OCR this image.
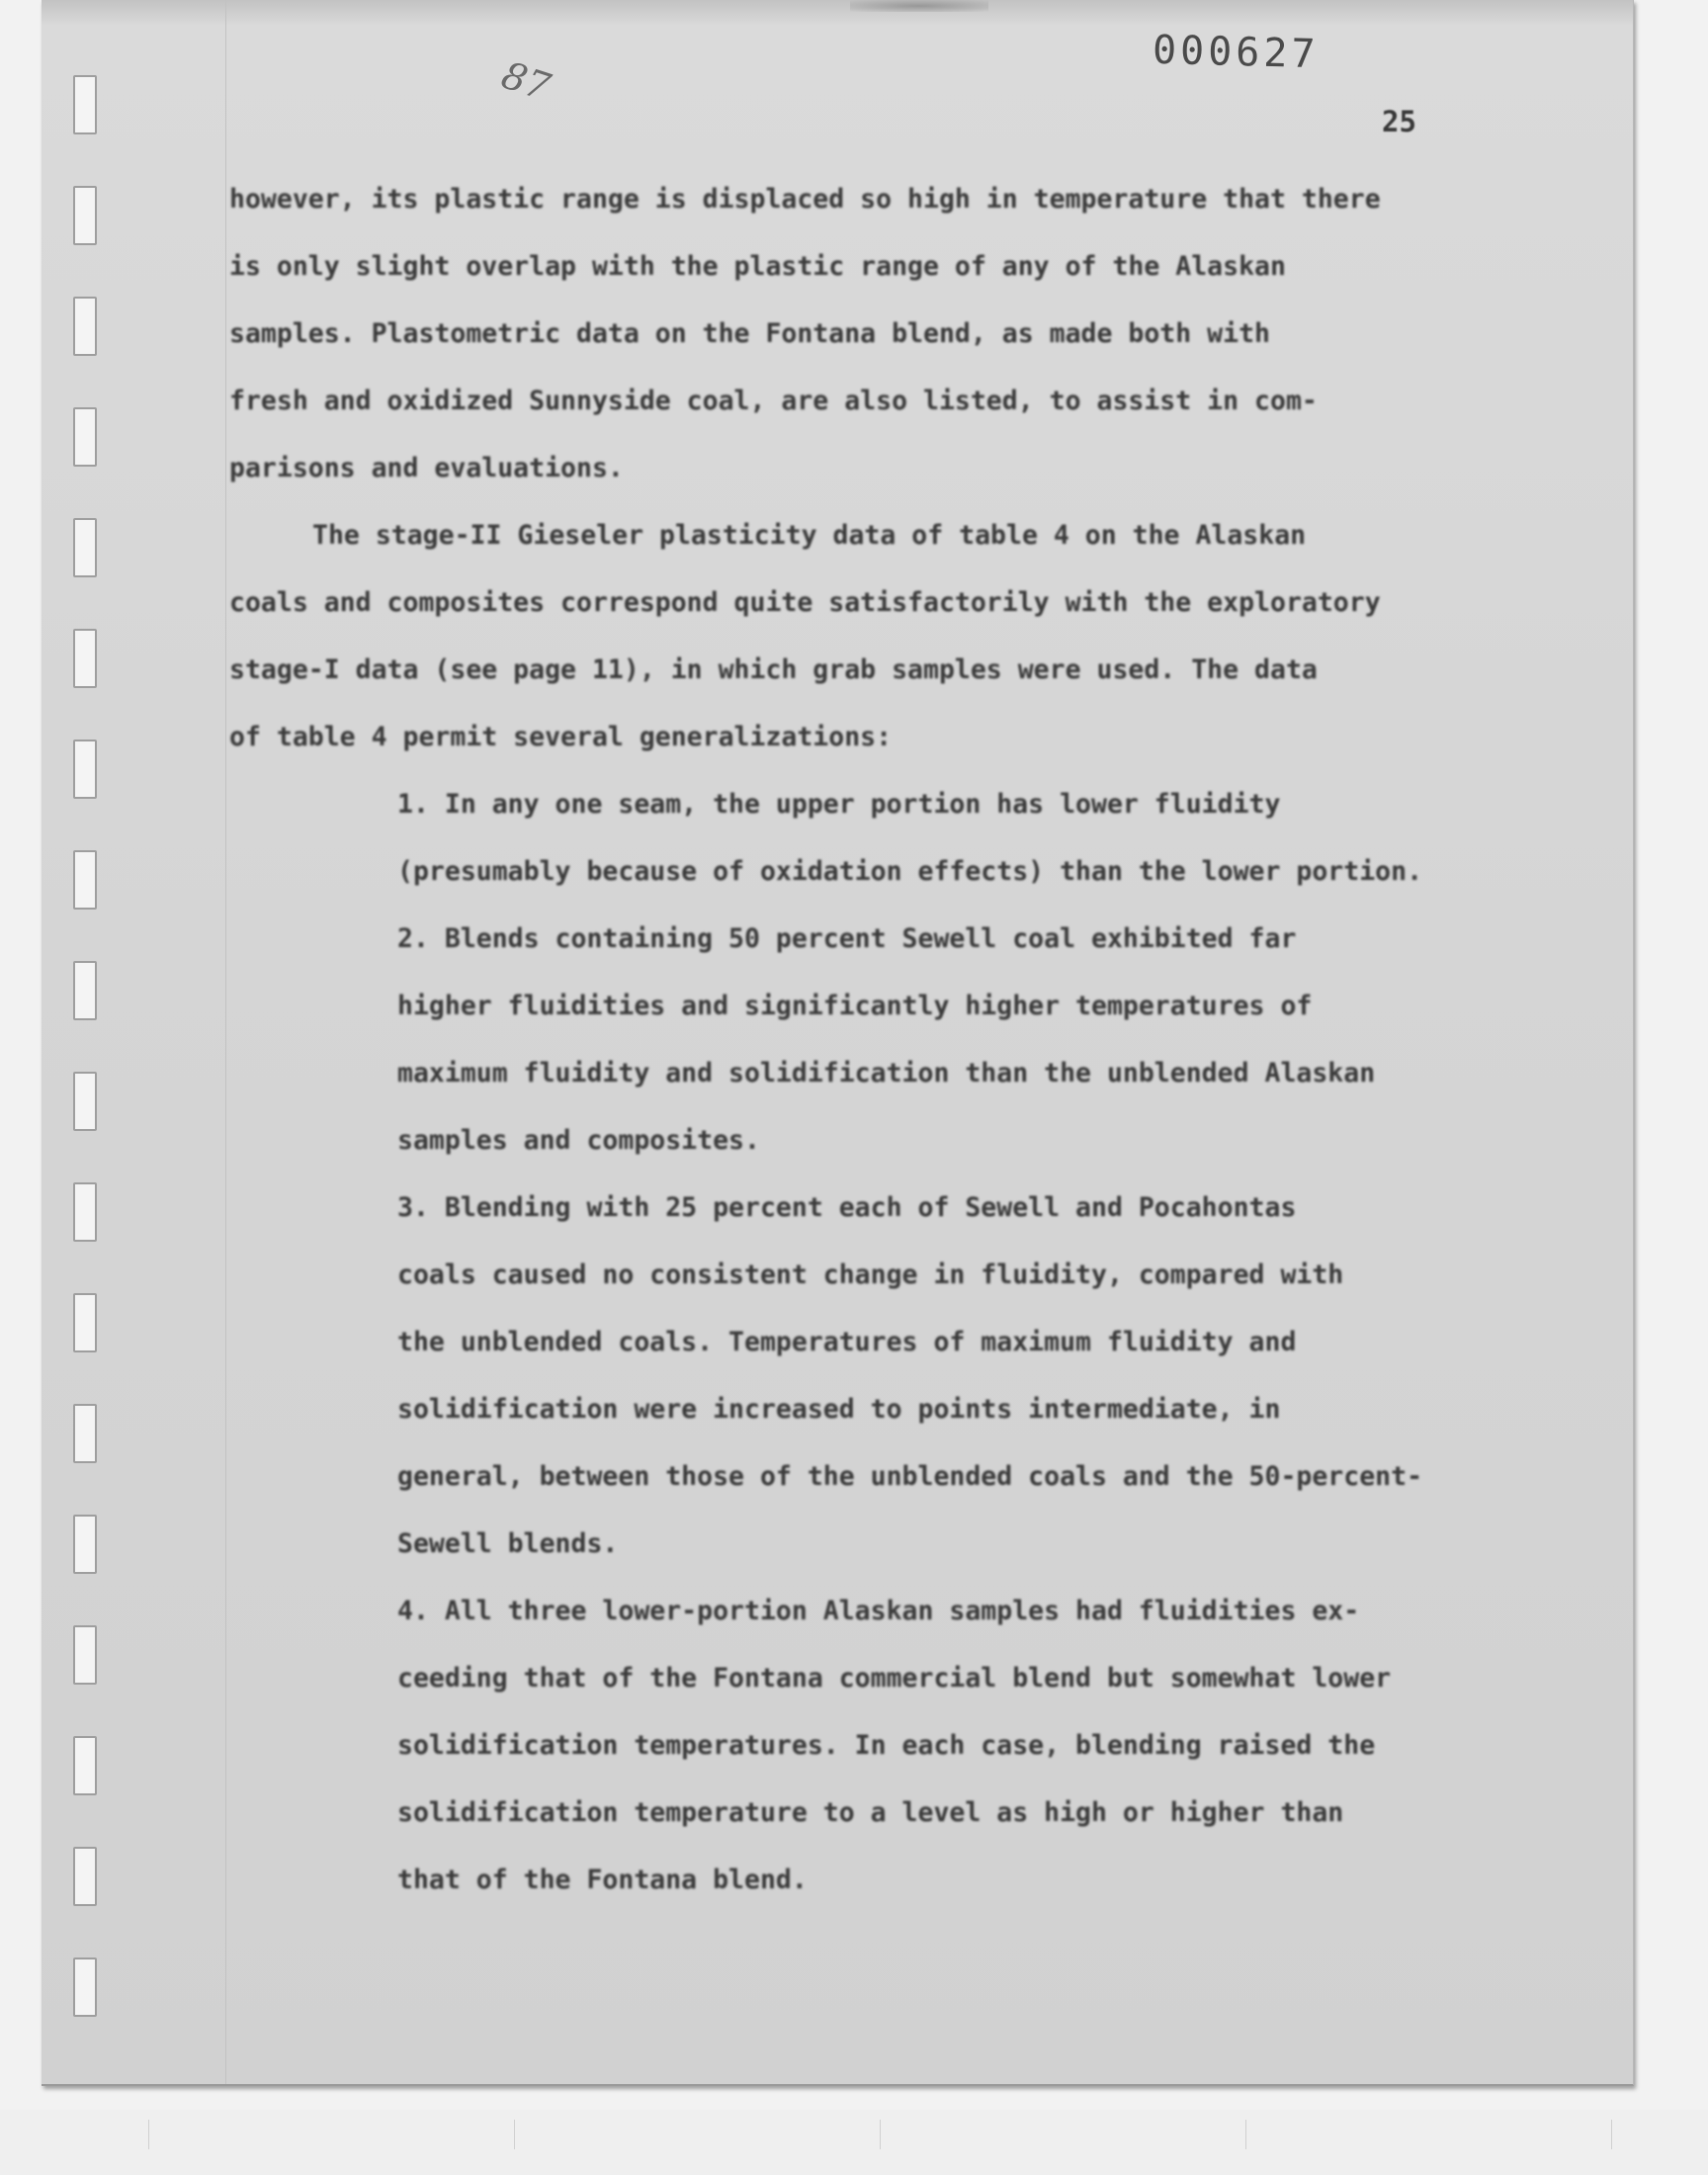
000627
87
25

however, its plastic range is displaced so high in temperature that there
is only slight overlap with the plastic range of any of the Alaskan
samples. Plastometric data on the Fontana blend, as made both with
fresh and oxidized Sunnyside coal, are also listed, to assist in com-
parisons and evaluations.

The stage-II Gieseler plasticity data of table 4 on the Alaskan
coals and composites correspond quite satisfactorily with the exploratory
stage-I data (see page 11), in which grab samples were used. The data
of table 4 permit several generalizations:

1. In any one seam, the upper portion has lower fluidity
(presumably because of oxidation effects) than the lower portion.
2. Blends containing 50 percent Sewell coal exhibited far
higher fluidities and significantly higher temperatures of
maximum fluidity and solidification than the unblended Alaskan
samples and composites.
3. Blending with 25 percent each of Sewell and Pocahontas
coals caused no consistent change in fluidity, compared with
the unblended coals. Temperatures of maximum fluidity and
solidification were increased to points intermediate, in
general, between those of the unblended coals and the 50-percent-
Sewell blends.
4. All three lower-portion Alaskan samples had fluidities ex-
ceeding that of the Fontana commercial blend but somewhat lower
solidification temperatures. In each case, blending raised the
solidification temperature to a level as high or higher than
that of the Fontana blend.
